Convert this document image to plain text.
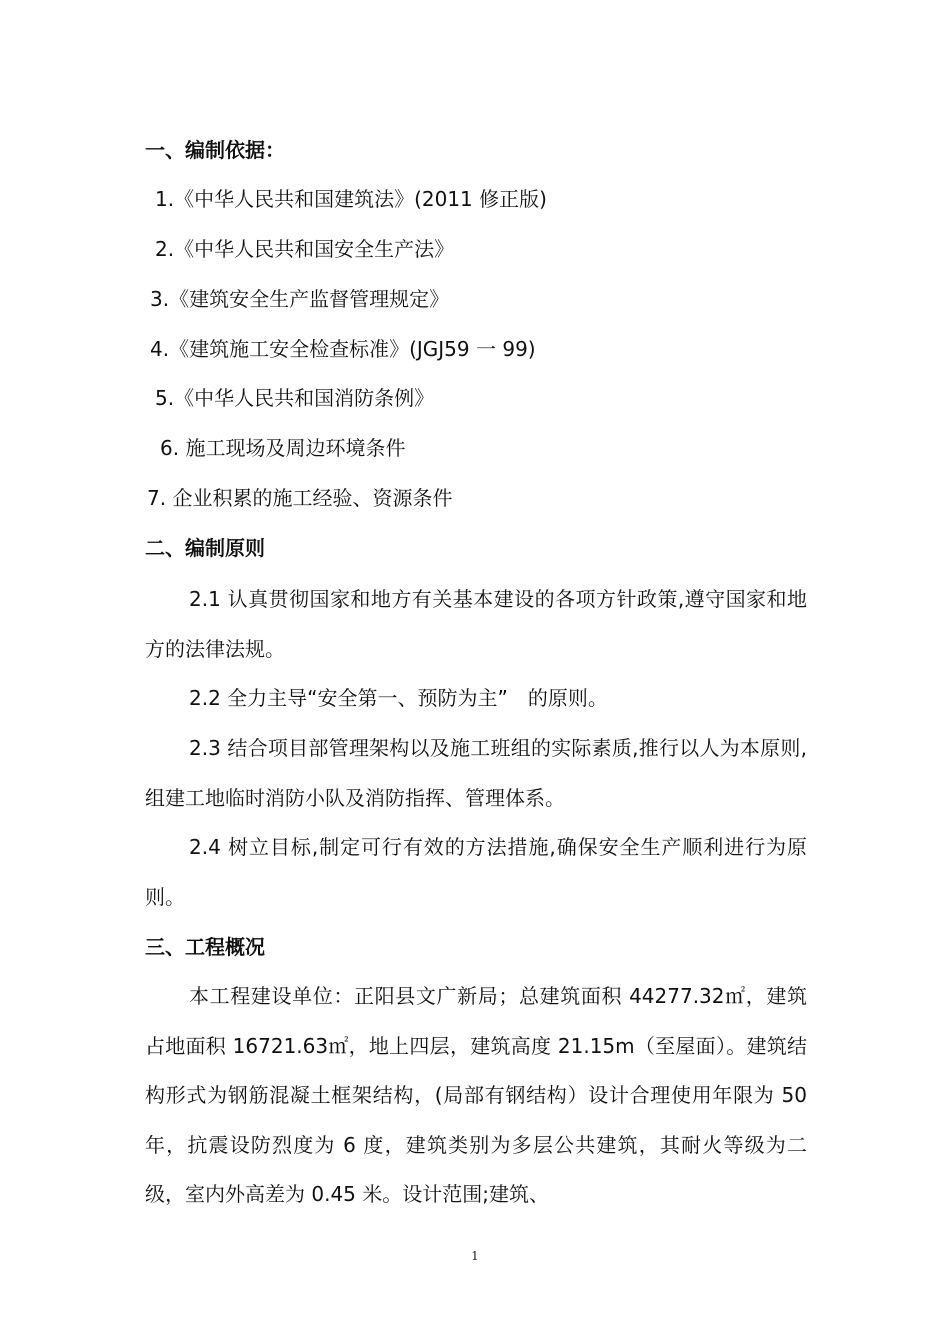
一、编制依据：
1.《中华人民共和国建筑法》(2011 修正版)
2.《中华人民共和国安全生产法》
3.《建筑安全生产监督管理规定》
4.《建筑施工安全检查标准》(JGJ59 一 99)
5.《中华人民共和国消防条例》
6. 施工现场及周边环境条件
7. 企业积累的施工经验、资源条件
二、编制原则
2.1 认真贯彻国家和地方有关基本建设的各项方针政策,遵守国家和地方的法律法规。
2.2 全力主导“安全第一、预防为主”　的原则。
2.3 结合项目部管理架构以及施工班组的实际素质,推行以人为本原则,组建工地临时消防小队及消防指挥、管理体系。
2.4 树立目标,制定可行有效的方法措施,确保安全生产顺利进行为原则。
三、工程概况
本工程建设单位：正阳县文广新局；总建筑面积 44277.32㎡，建筑占地面积 16721.63㎡，地上四层，建筑高度 21.15m（至屋面）。建筑结构形式为钢筋混凝土框架结构，(局部有钢结构）设计合理使用年限为 50 年，抗震设防烈度为 6 度，建筑类别为多层公共建筑，其耐火等级为二级，室内外高差为 0.45 米。设计范围;建筑、
1
